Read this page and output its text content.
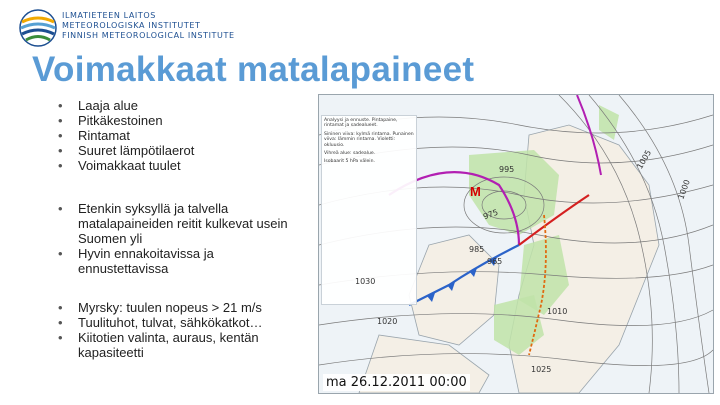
ILMATIETEEN LAITOS
METEOROLOGISKA INSTITUTET
FINNISH METEOROLOGICAL INSTITUTE
Voimakkaat matalapaineet
• Laaja alue
• Pitkäkestoinen
• Rintamat
• Suuret lämpötilaerot
• Voimakkaat tuulet
• Etenkin syksyllä ja talvella matalapaineiden reitit kulkevat usein Suomen yli
• Hyvin ennakoitavissa ja ennustettavissa
• Myrsky: tuulen nopeus > 21 m/s
• Tuulituhot, tulvat, sähkökatkot…
• Kiitotien valinta, auraus, kentän kapasiteetti

Analyysi ja ennuste. Pintapaine, rintamat ja sadealueet.

Sininen viiva: kylmä rintama. Punainen viiva: lämmin rintama. Violetti: okluusio.

Vihreä alue: sadealue.

Isobaarit 5 hPa välein.

M
985
995
975
965
1000
1005
1010
1020
1025
1030
ma 26.12.2011 00:00
